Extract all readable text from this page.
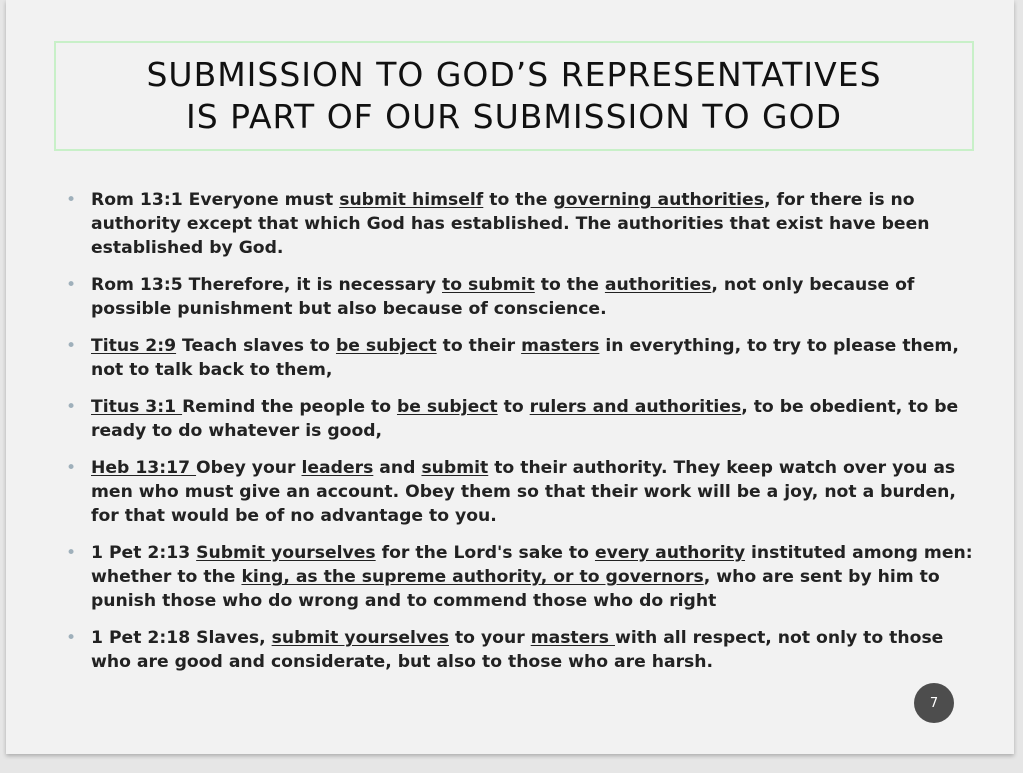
SUBMISSION TO GOD’S REPRESENTATIVES
IS PART OF OUR SUBMISSION TO GOD
• Rom 13:1 Everyone must submit himself to the governing authorities, for there is no authority except that which God has established. The authorities that exist have been established by God.
• Rom 13:5 Therefore, it is necessary to submit to the authorities, not only because of possible punishment but also because of conscience.
• Titus 2:9 Teach slaves to be subject to their masters in everything, to try to please them, not to talk back to them,
• Titus 3:1 Remind the people to be subject to rulers and authorities, to be obedient, to be ready to do whatever is good,
• Heb 13:17 Obey your leaders and submit to their authority. They keep watch over you as men who must give an account. Obey them so that their work will be a joy, not a burden, for that would be of no advantage to you.
• 1 Pet 2:13 Submit yourselves for the Lord's sake to every authority instituted among men: whether to the king, as the supreme authority, or to governors, who are sent by him to punish those who do wrong and to commend those who do right
• 1 Pet 2:18 Slaves, submit yourselves to your masters with all respect, not only to those who are good and considerate, but also to those who are harsh.
7
